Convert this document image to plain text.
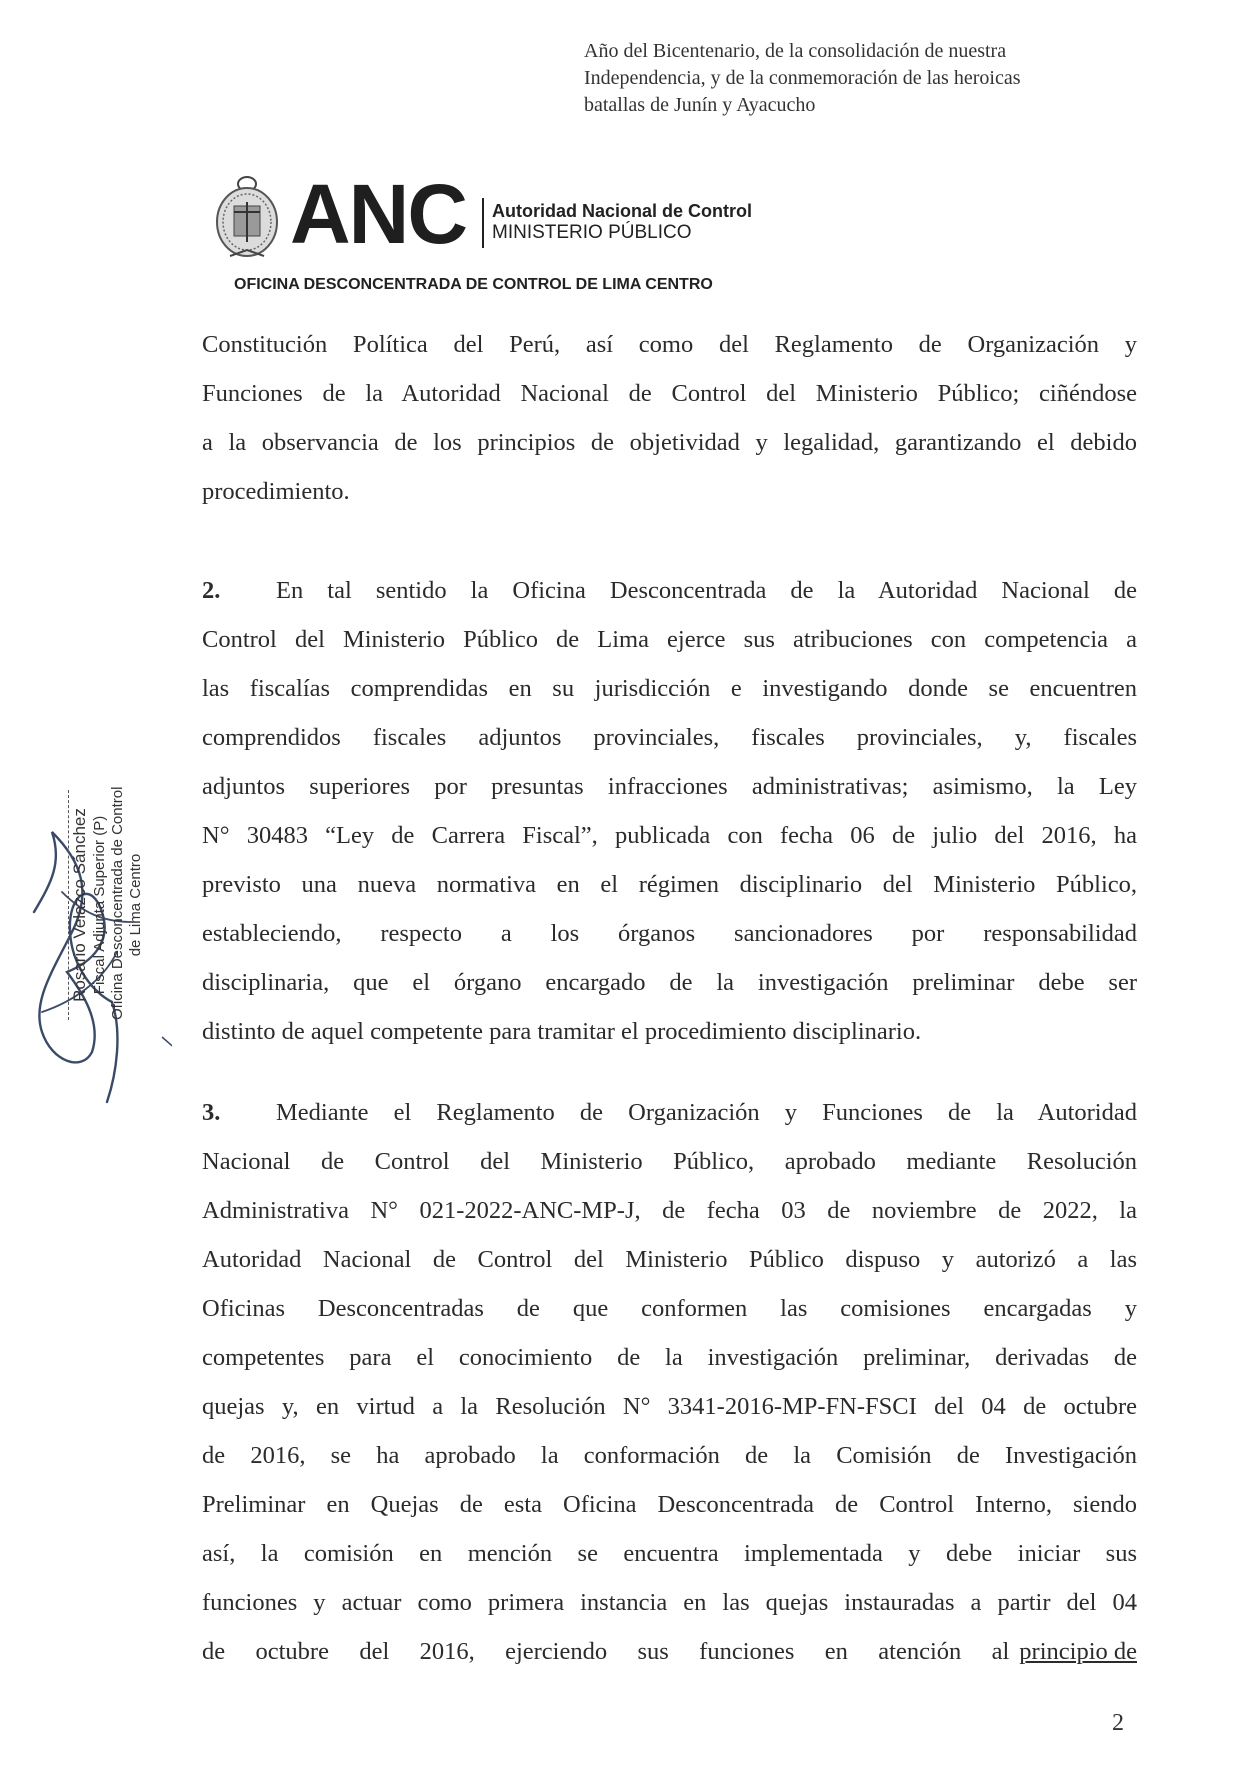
Año del Bicentenario, de la consolidación de nuestra
Independencia, y de la conmemoración de las heroicas
batallas de Junín y Ayacucho
ANC Autoridad Nacional de Control
MINISTERIO PÚBLICO
OFICINA DESCONCENTRADA DE CONTROL DE LIMA CENTRO
Constitución Política del Perú, así como del Reglamento de Organización y
Funciones de la Autoridad Nacional de Control del Ministerio Público; ciñéndose
a la observancia de los principios de objetividad y legalidad, garantizando el debido
procedimiento.
2.	En tal sentido la Oficina Desconcentrada de la Autoridad Nacional de
Control del Ministerio Público de Lima ejerce sus atribuciones con competencia a
las fiscalías comprendidas en su jurisdicción e investigando donde se encuentren
comprendidos fiscales adjuntos provinciales, fiscales provinciales, y, fiscales
adjuntos superiores por presuntas infracciones administrativas; asimismo, la Ley
N° 30483 “Ley de Carrera Fiscal”, publicada con fecha 06 de julio del 2016, ha
previsto una nueva normativa en el régimen disciplinario del Ministerio Público,
estableciendo, respecto a los órganos sancionadores por responsabilidad
disciplinaria, que el órgano encargado de la investigación preliminar debe ser
distinto de aquel competente para tramitar el procedimiento disciplinario.
3.	Mediante el Reglamento de Organización y Funciones de la Autoridad
Nacional de Control del Ministerio Público, aprobado mediante Resolución
Administrativa N° 021-2022-ANC-MP-J, de fecha 03 de noviembre de 2022, la
Autoridad Nacional de Control del Ministerio Público dispuso y autorizó a las
Oficinas Desconcentradas de que conformen las comisiones encargadas y
competentes para el conocimiento de la investigación preliminar, derivadas de
quejas y, en virtud a la Resolución N° 3341-2016-MP-FN-FSCI del 04 de octubre
de 2016, se ha aprobado la conformación de la Comisión de Investigación
Preliminar en Quejas de esta Oficina Desconcentrada de Control Interno, siendo
así, la comisión en mención se encuentra implementada y debe iniciar sus
funciones y actuar como primera instancia en las quejas instauradas a partir del 04
de octubre del 2016, ejerciendo sus funciones en atención al principio de
Rosario Velazco Sánchez Fiscal Adjunta Superior (P) Oficina Desconcentrada de Control de Lima Centro
2
